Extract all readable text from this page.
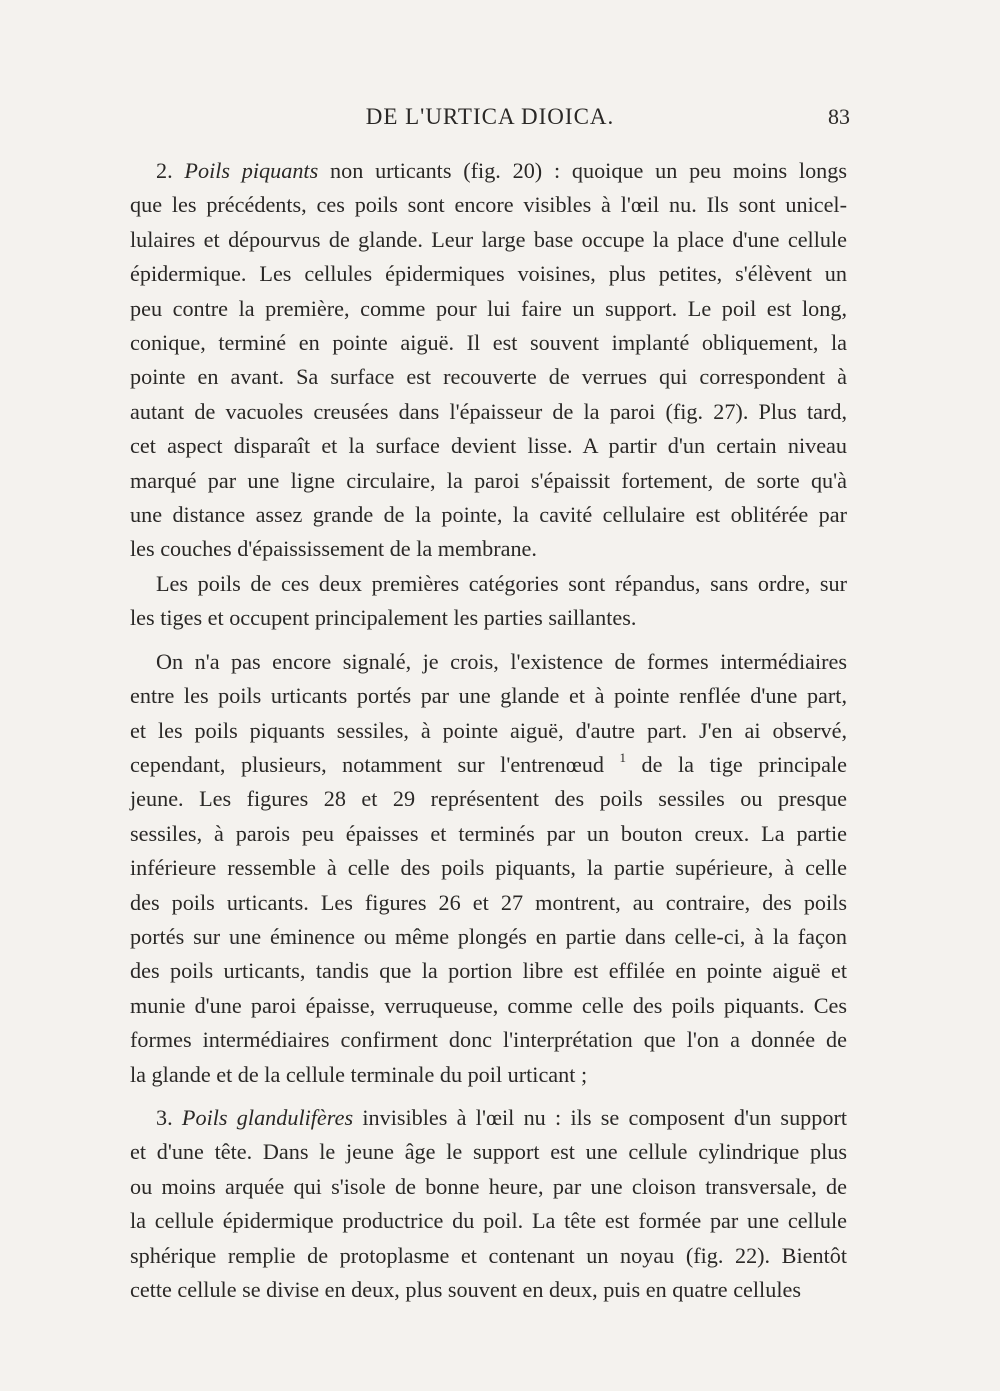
DE L'URTICA DIOICA.	83

2. Poils piquants non urticants (fig. 20) : quoique un peu moins longs

que les précédents, ces poils sont encore visibles à l'œil nu. Ils sont unicel-

lulaires et dépourvus de glande. Leur large base occupe la place d'une cellule

épidermique. Les cellules épidermiques voisines, plus petites, s'élèvent un

peu contre la première, comme pour lui faire un support. Le poil est long,

conique, terminé en pointe aiguë. Il est souvent implanté obliquement, la

pointe en avant. Sa surface est recouverte de verrues qui correspondent à

autant de vacuoles creusées dans l'épaisseur de la paroi (fig. 27). Plus tard,

cet aspect disparaît et la surface devient lisse. A partir d'un certain niveau

marqué par une ligne circulaire, la paroi s'épaissit fortement, de sorte qu'à

une distance assez grande de la pointe, la cavité cellulaire est oblitérée par

les couches d'épaississement de la membrane.

Les poils de ces deux premières catégories sont répandus, sans ordre, sur

les tiges et occupent principalement les parties saillantes.

On n'a pas encore signalé, je crois, l'existence de formes intermédiaires

entre les poils urticants portés par une glande et à pointe renflée d'une part,

et les poils piquants sessiles, à pointe aiguë, d'autre part. J'en ai observé,

cependant, plusieurs, notamment sur l'entrenœud $^1$ de la tige principale

jeune. Les figures 28 et 29 représentent des poils sessiles ou presque

sessiles, à parois peu épaisses et terminés par un bouton creux. La partie

inférieure ressemble à celle des poils piquants, la partie supérieure, à celle

des poils urticants. Les figures 26 et 27 montrent, au contraire, des poils

portés sur une éminence ou même plongés en partie dans celle-ci, à la façon

des poils urticants, tandis que la portion libre est effilée en pointe aiguë et

munie d'une paroi épaisse, verruqueuse, comme celle des poils piquants. Ces

formes intermédiaires confirment donc l'interprétation que l'on a donnée de

la glande et de la cellule terminale du poil urticant ;

3. Poils glandulifères invisibles à l'œil nu : ils se composent d'un support

et d'une tête. Dans le jeune âge le support est une cellule cylindrique plus

ou moins arquée qui s'isole de bonne heure, par une cloison transversale, de

la cellule épidermique productrice du poil. La tête est formée par une cellule

sphérique remplie de protoplasme et contenant un noyau (fig. 22). Bientôt

cette cellule se divise en deux, plus souvent en deux, puis en quatre cellules
